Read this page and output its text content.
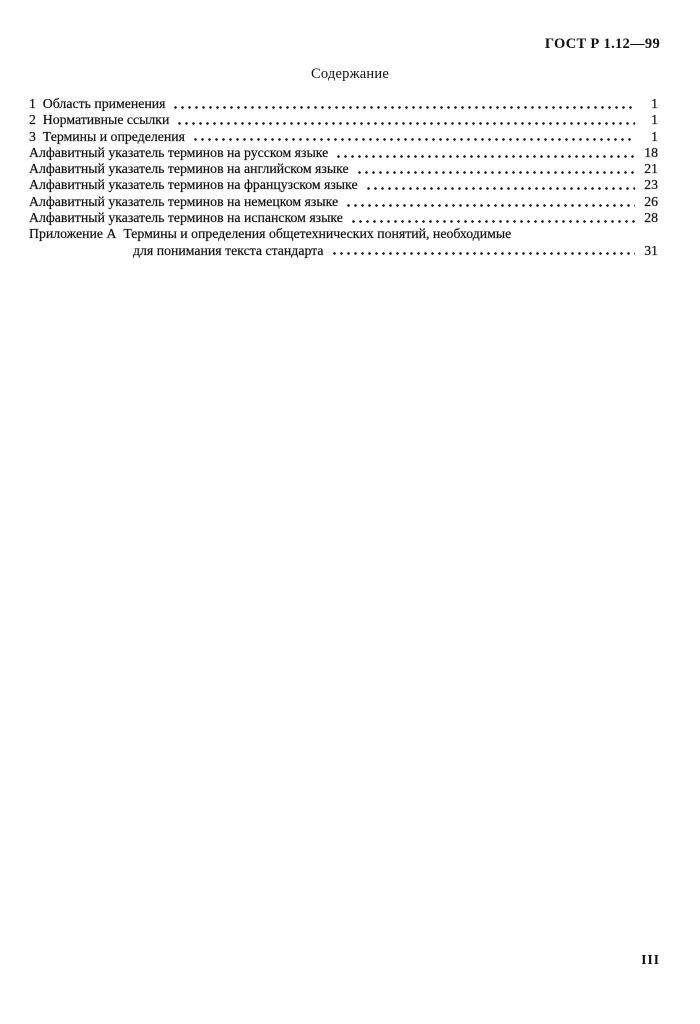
ГОСТ Р 1.12—99
Содержание
1  Область применения	1
2  Нормативные ссылки	1
3  Термины и определения	1
Алфавитный указатель терминов на русском языке	18
Алфавитный указатель терминов на английском языке	21
Алфавитный указатель терминов на французском языке	23
Алфавитный указатель терминов на немецком языке	26
Алфавитный указатель терминов на испанском языке	28
Приложение А  Термины и определения общетехнических понятий, необходимые
для понимания текста стандарта	31
III
